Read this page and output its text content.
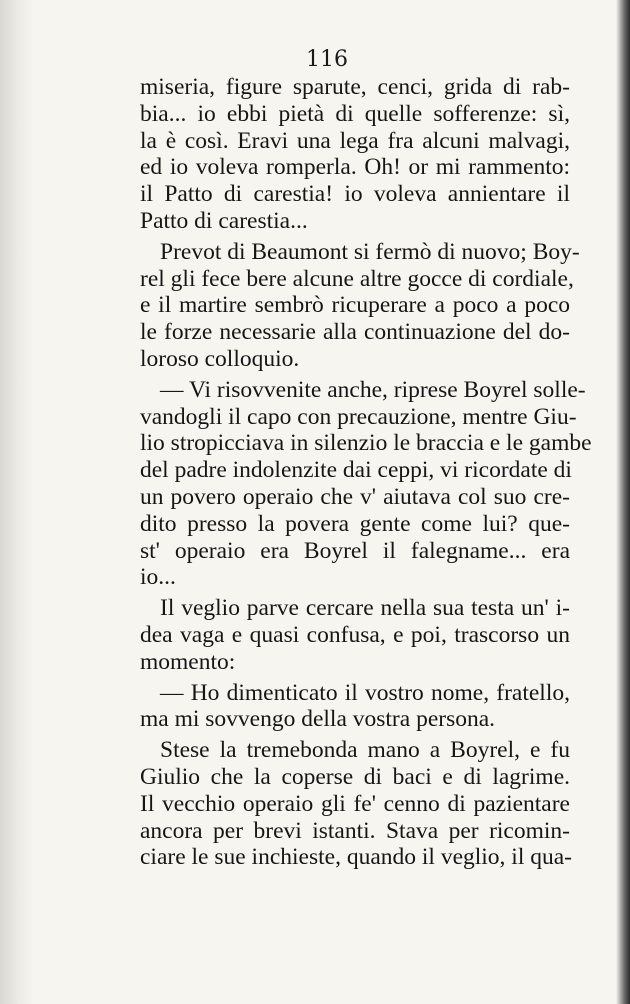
116
miseria, figure sparute, cenci, grida di rab-
bia... io ebbi pietà di quelle sofferenze: sì,
la è così. Eravi una lega fra alcuni malvagi,
ed io voleva romperla. Oh! or mi rammento:
il Patto di carestia! io voleva annientare il
Patto di carestia...
Prevot di Beaumont si fermò di nuovo; Boy-
rel gli fece bere alcune altre gocce di cordiale,
e il martire sembrò ricuperare a poco a poco
le forze necessarie alla continuazione del do-
loroso colloquio.
— Vi risovvenite anche, riprese Boyrel solle-
vandogli il capo con precauzione, mentre Giu-
lio stropicciava in silenzio le braccia e le gambe
del padre indolenzite dai ceppi, vi ricordate di
un povero operaio che v' aiutava col suo cre-
dito presso la povera gente come lui? que-
st' operaio era Boyrel il falegname... era
io...
Il veglio parve cercare nella sua testa un' i-
dea vaga e quasi confusa, e poi, trascorso un
momento:
— Ho dimenticato il vostro nome, fratello,
ma mi sovvengo della vostra persona.
Stese la tremebonda mano a Boyrel, e fu
Giulio che la coperse di baci e di lagrime.
Il vecchio operaio gli fe' cenno di pazientare
ancora per brevi istanti. Stava per ricomin-
ciare le sue inchieste, quando il veglio, il qua-
